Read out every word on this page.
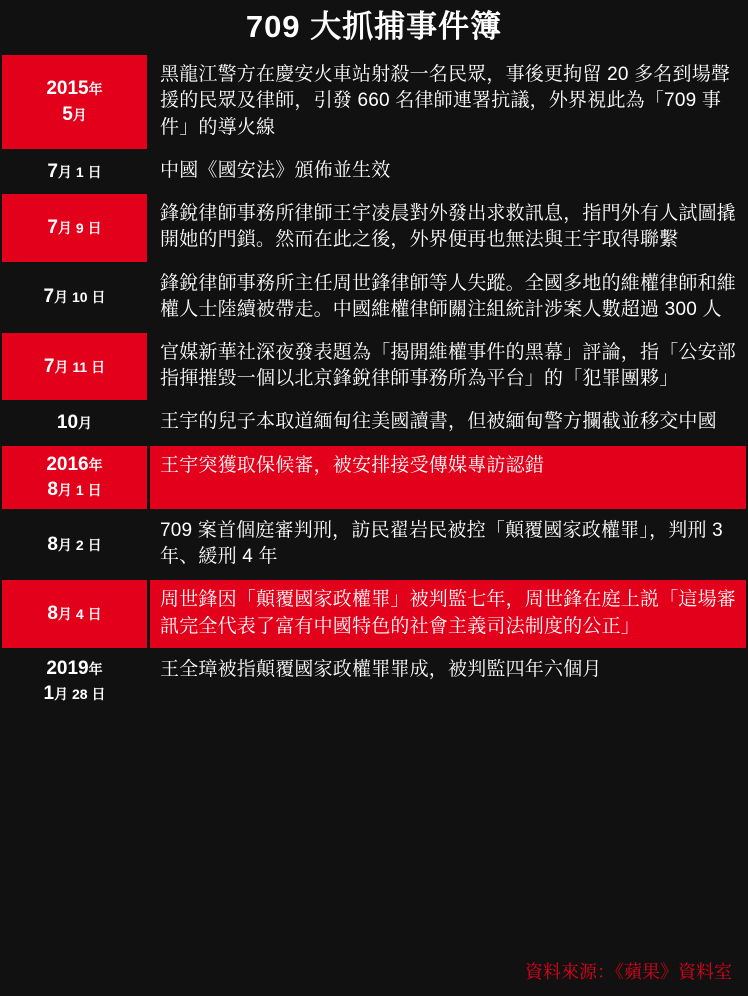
709 大抓捕事件簿
2015年
5月
黑龍江警方在慶安火車站射殺一名民眾，事後更拘留 20 多名到場聲援的民眾及律師，引發 660 名律師連署抗議，外界視此為「709 事件」的導火線
7月 1 日	中國《國安法》頒佈並生效
7月 9 日
鋒銳律師事務所律師王宇凌晨對外發出求救訊息，指門外有人試圖撬開她的門鎖。然而在此之後，外界便再也無法與王宇取得聯繫
7月 10 日
鋒銳律師事務所主任周世鋒律師等人失蹤。全國多地的維權律師和維權人士陸續被帶走。中國維權律師關注組統計涉案人數超過 300 人
7月 11 日
官媒新華社深夜發表題為「揭開維權事件的黑幕」評論，指「公安部指揮摧毀一個以北京鋒銳律師事務所為平台」的「犯罪團夥」
10月	王宇的兒子本取道緬甸往美國讀書，但被緬甸警方攔截並移交中國
2016年
8月 1 日
王宇突獲取保候審，被安排接受傳媒專訪認錯
8月 2 日
709 案首個庭審判刑，訪民翟岩民被控「顛覆國家政權罪」，判刑 3 年、緩刑 4 年
8月 4 日
周世鋒因「顛覆國家政權罪」被判監七年，周世鋒在庭上説「這場審訊完全代表了富有中國特色的社會主義司法制度的公正」
2019年
1月 28 日
王全璋被指顛覆國家政權罪罪成，被判監四年六個月
資料來源：《蘋果》資料室
